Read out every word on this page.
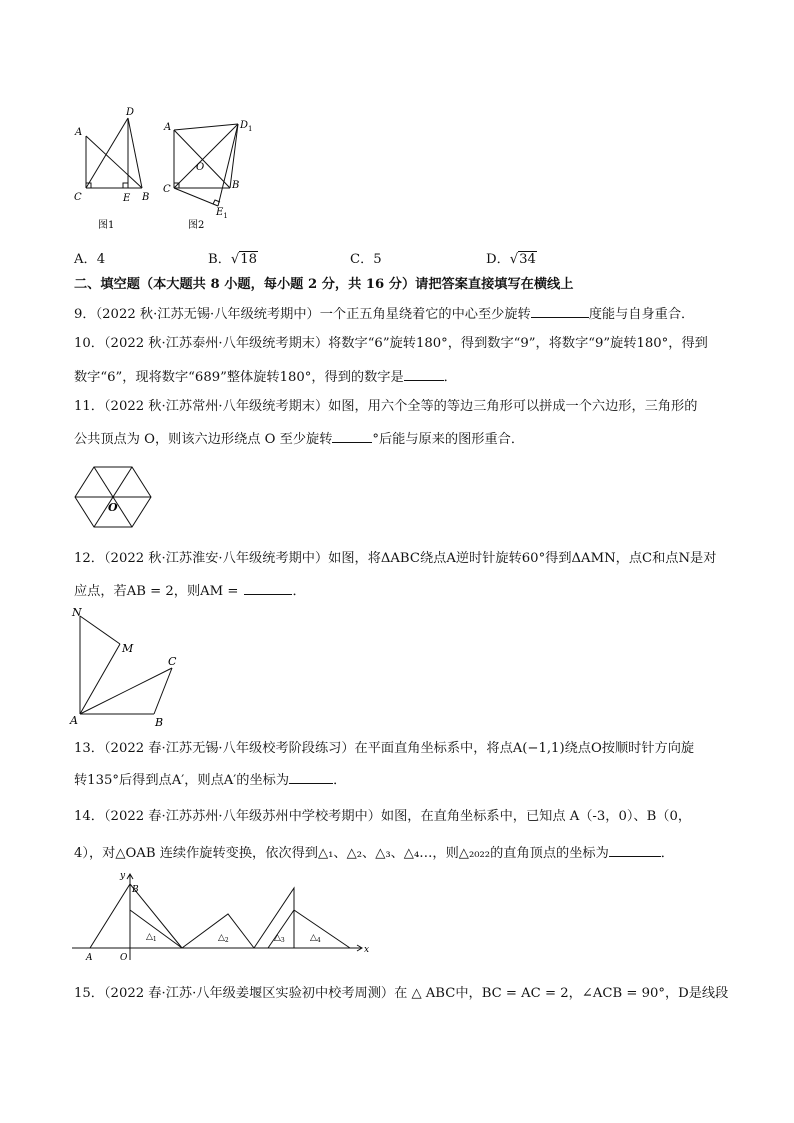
A
D
C	E B
图1
A	$D_1$
O
C	B
$E_1$
图2
A．4	B．√18	C．5	D．√34
二、填空题（本大题共 8 小题，每小题 2 分，共 16 分）请把答案直接填写在横线上
9．（2022 秋·江苏无锡·八年级统考期中）一个正五角星绕着它的中心至少旋转	度能与自身重合．
10．（2022 秋·江苏泰州·八年级统考期末）将数字“6”旋转180°，得到数字“9”，将数字“9”旋转180°，得到
数字“6”，现将数字“689”整体旋转180°，得到的数字是	．
11．（2022 秋·江苏常州·八年级统考期末）如图，用六个全等的等边三角形可以拼成一个六边形，三角形的
公共顶点为 O，则该六边形绕点 O 至少旋转	°后能与原来的图形重合．
O
12．（2022 秋·江苏淮安·八年级统考期中）如图，将ΔABC绕点A逆时针旋转60°得到ΔAMN，点C和点N是对
应点，若AB = 2，则AM =	．
N
M
C
A	B
13．（2022 春·江苏无锡·八年级校考阶段练习）在平面直角坐标系中，将点A(−1,1)绕点O按顺时针方向旋
转135°后得到点A′，则点A′的坐标为	．
14．（2022 春·江苏苏州·八年级苏州中学校考期中）如图，在直角坐标系中，已知点 A（-3，0）、B（0，
4），对△OAB 连续作旋转变换，依次得到△₁、△₂、△₃、△₄…，则△₂₀₂₂的直角顶点的坐标为	．
y
x
B
A	O
$\triangle_1$	$\triangle_2$	$\triangle_3$	$\triangle_4$
15．（2022 春·江苏·八年级姜堰区实验初中校考周测）在 △ ABC中，BC = AC = 2，∠ACB = 90°，D是线段
